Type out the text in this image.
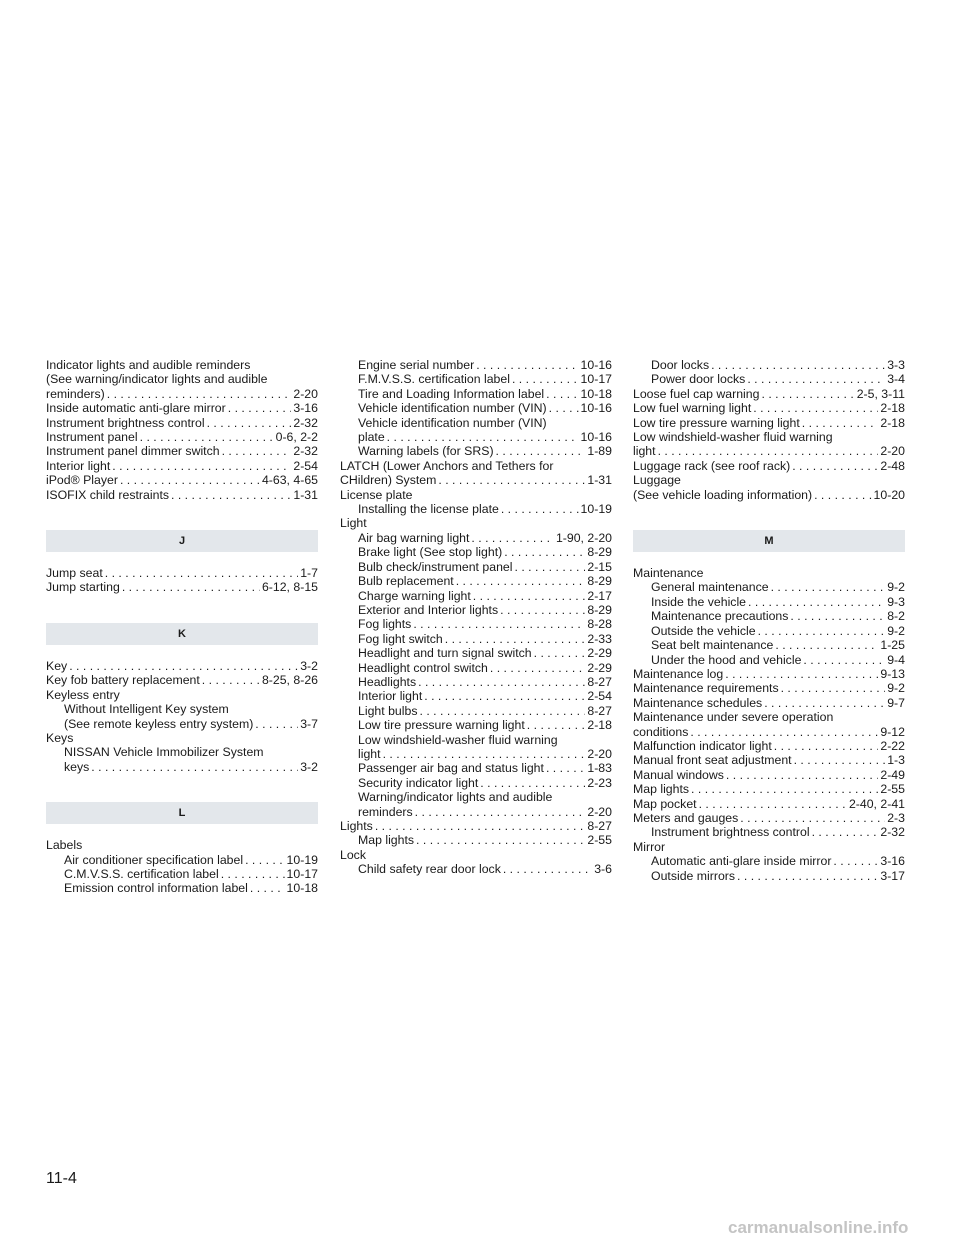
Indicator lights and audible reminders
(See warning/indicator lights and audible
reminders) . . .	2-20
Inside automatic anti-glare mirror . . .	3-16
Instrument brightness control . . .	2-32
Instrument panel . . .	0-6, 2-2
Instrument panel dimmer switch . . .	2-32
Interior light . . .	2-54
iPod® Player . . .	4-63, 4-65
ISOFIX child restraints . . .	1-31
J
Jump seat . . .	1-7
Jump starting . . .	6-12, 8-15
K
Key . . .	3-2
Key fob battery replacement . . .	8-25, 8-26
Keyless entry
Without Intelligent Key system
(See remote keyless entry system) . . .	3-7
Keys
NISSAN Vehicle Immobilizer System
keys . . .	3-2
L
Labels
Air conditioner specification label . . .	10-19
C.M.V.S.S. certification label . . .	10-17
Emission control information label . . .	10-18
Engine serial number . . .	10-16
F.M.V.S.S. certification label . . .	10-17
Tire and Loading Information label . . .	10-18
Vehicle identification number (VIN) . . .	10-16
Vehicle identification number (VIN)
plate . . .	10-16
Warning labels (for SRS) . . .	1-89
LATCH (Lower Anchors and Tethers for
CHildren) System . . .	1-31
License plate
Installing the license plate . . .	10-19
Light
Air bag warning light . . .	1-90, 2-20
Brake light (See stop light) . . .	8-29
Bulb check/instrument panel . . .	2-15
Bulb replacement . . .	8-29
Charge warning light . . .	2-17
Exterior and Interior lights . . .	8-29
Fog lights . . .	8-28
Fog light switch . . .	2-33
Headlight and turn signal switch . . .	2-29
Headlight control switch . . .	2-29
Headlights . . .	8-27
Interior light . . .	2-54
Light bulbs . . .	8-27
Low tire pressure warning light . . .	2-18
Low windshield-washer fluid warning
light . . .	2-20
Passenger air bag and status light . . .	1-83
Security indicator light . . .	2-23
Warning/indicator lights and audible
reminders . . .	2-20
Lights . . .	8-27
Map lights . . .	2-55
Lock
Child safety rear door lock . . .	3-6
Door locks . . .	3-3
Power door locks . . .	3-4
Loose fuel cap warning . . .	2-5, 3-11
Low fuel warning light . . .	2-18
Low tire pressure warning light . . .	2-18
Low windshield-washer fluid warning
light . . .	2-20
Luggage rack (see roof rack) . . .	2-48
Luggage
(See vehicle loading information) . . .	10-20
M
Maintenance
General maintenance . . .	9-2
Inside the vehicle . . .	9-3
Maintenance precautions . . .	8-2
Outside the vehicle . . .	9-2
Seat belt maintenance . . .	1-25
Under the hood and vehicle . . .	9-4
Maintenance log . . .	9-13
Maintenance requirements . . .	9-2
Maintenance schedules . . .	9-7
Maintenance under severe operation
conditions . . .	9-12
Malfunction indicator light . . .	2-22
Manual front seat adjustment . . .	1-3
Manual windows . . .	2-49
Map lights . . .	2-55
Map pocket . . .	2-40, 2-41
Meters and gauges . . .	2-3
Instrument brightness control . . .	2-32
Mirror
Automatic anti-glare inside mirror . . .	3-16
Outside mirrors . . .	3-17
11-4
carmanualsonline.info
